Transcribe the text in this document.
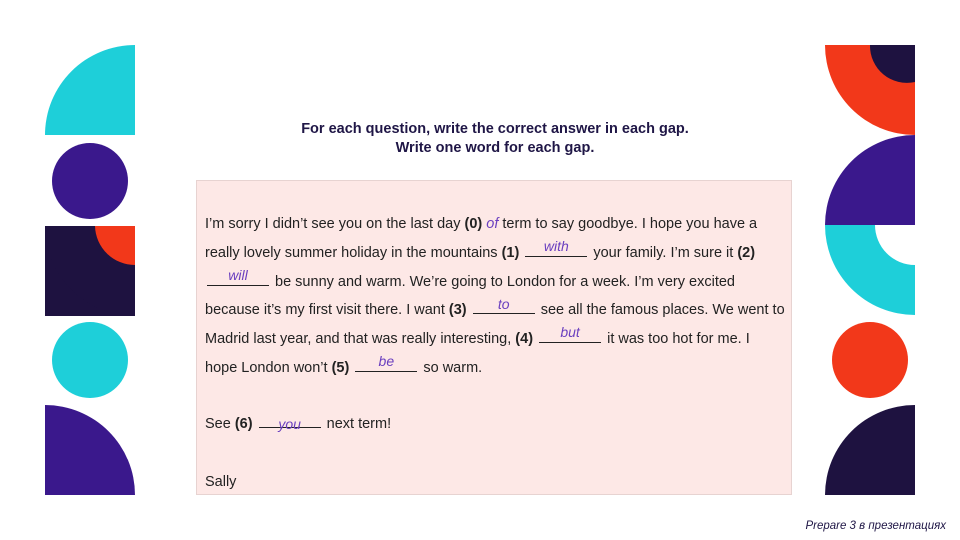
For each question, write the correct answer in each gap.
Write one word for each gap.
I’m sorry I didn’t see you on the last day (0) of term to say goodbye. I hope you have a really lovely summer holiday in the mountains (1)	with	your family. I’m sure it (2)
will	be sunny and warm. We’re going to London for a week. I’m very excited because it’s my first visit there. I want (3)	to	see all the famous places. We went to Madrid last year, and that was really interesting, (4)	but	it was too hot for me. I hope London won’t (5)	be	so warm.
See (6)	you	next term!
Sally
Prepare 3 в презентациях
